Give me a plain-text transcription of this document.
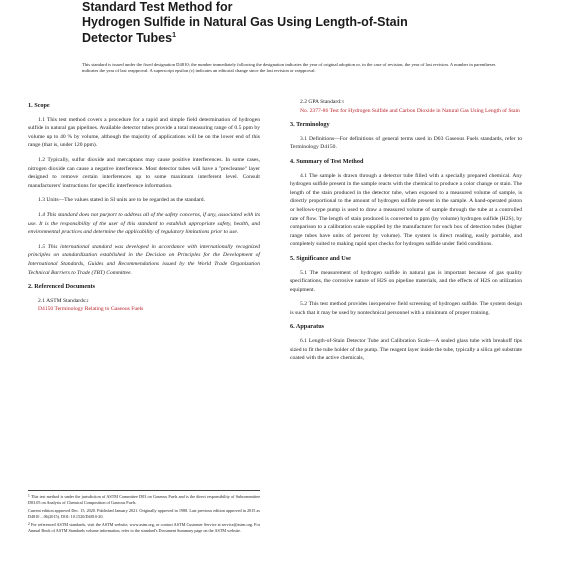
Standard Test Method for
Hydrogen Sulfide in Natural Gas Using Length-of-Stain
Detector Tubes$^1$

This standard is issued under the fixed designation D4810; the number immediately following the designation indicates the year of original adoption or, in the case of revision, the year of last revision. A number in parentheses indicates the year of last reapproval. A superscript epsilon (ε) indicates an editorial change since the last revision or reapproval.
1. Scope

1.1 This test method covers a procedure for a rapid and simple field determination of hydrogen sulfide in natural gas pipelines. Available detector tubes provide a total measuring range of 0.5 ppm by volume up to 40 % by volume, although the majority of applications will be on the lower end of this range (that is, under 120 ppm).

1.2 Typically, sulfur dioxide and mercaptans may cause positive interferences. In some cases, nitrogen dioxide can cause a negative interference. Most detector tubes will have a "precleanse" layer designed to remove certain interferences up to some maximum interferent level. Consult manufacturers' instructions for specific interference information.

1.3 Units—The values stated in SI units are to be regarded as the standard.

1.4 This standard does not purport to address all of the safety concerns, if any, associated with its use. It is the responsibility of the user of this standard to establish appropriate safety, health, and environmental practices and determine the applicability of regulatory limitations prior to use.

1.5 This international standard was developed in accordance with internationally recognized principles on standardization established in the Decision on Principles for the Development of International Standards, Guides and Recommendations issued by the World Trade Organization Technical Barriers to Trade (TBT) Committee.

2. Referenced Documents

2.1 ASTM Standards:$^2$

D4150 Terminology Relating to Gaseous Fuels

$^1$ This test method is under the jurisdiction of ASTM Committee D03 on Gaseous Fuels and is the direct responsibility of Subcommittee D03.05 on Analysis of Chemical Composition of Gaseous Fuels.

Current edition approved Dec. 15, 2020. Published January 2021. Originally approved in 1988. Last previous edition approved in 2015 as D4810 – 06(2015). DOI: 10.1520/D4810-20.

$^2$ For referenced ASTM standards, visit the ASTM website, www.astm.org, or contact ASTM Customer Service at service@astm.org. For Annual Book of ASTM Standards volume information, refer to the standard's Document Summary page on the ASTM website.

2.2 GPA Standard:$^3$

No. 2377-86 Test for Hydrogen Sulfide and Carbon Dioxide in Natural Gas Using Length of Stain

3. Terminology

3.1 Definitions—For definitions of general terms used in D03 Gaseous Fuels standards, refer to Terminology D4150.

4. Summary of Test Method

4.1 The sample is drawn through a detector tube filled with a specially prepared chemical. Any hydrogen sulfide present in the sample reacts with the chemical to produce a color change or stain. The length of the stain produced in the detector tube, when exposed to a measured volume of sample, is directly proportional to the amount of hydrogen sulfide present in the sample. A hand-operated piston or bellows-type pump is used to draw a measured volume of sample through the tube at a controlled rate of flow. The length of stain produced is converted to ppm (by volume) hydrogen sulfide (H2S), by comparison to a calibration scale supplied by the manufacturer for each box of detection tubes (higher range tubes have units of percent by volume). The system is direct reading, easily portable, and completely suited to making rapid spot checks for hydrogen sulfide under field conditions.

5. Significance and Use

5.1 The measurement of hydrogen sulfide in natural gas is important because of gas quality specifications, the corrosive nature of H2S on pipeline materials, and the effects of H2S on utilization equipment.

5.2 This test method provides inexpensive field screening of hydrogen sulfide. The system design is such that it may be used by nontechnical personnel with a minimum of proper training.

6. Apparatus

6.1 Length-of-Stain Detector Tube and Calibration Scale—A sealed glass tube with breakoff tips sized to fit the tube holder of the pump. The reagent layer inside the tube, typically a silica gel substrate coated with the active chemicals,
